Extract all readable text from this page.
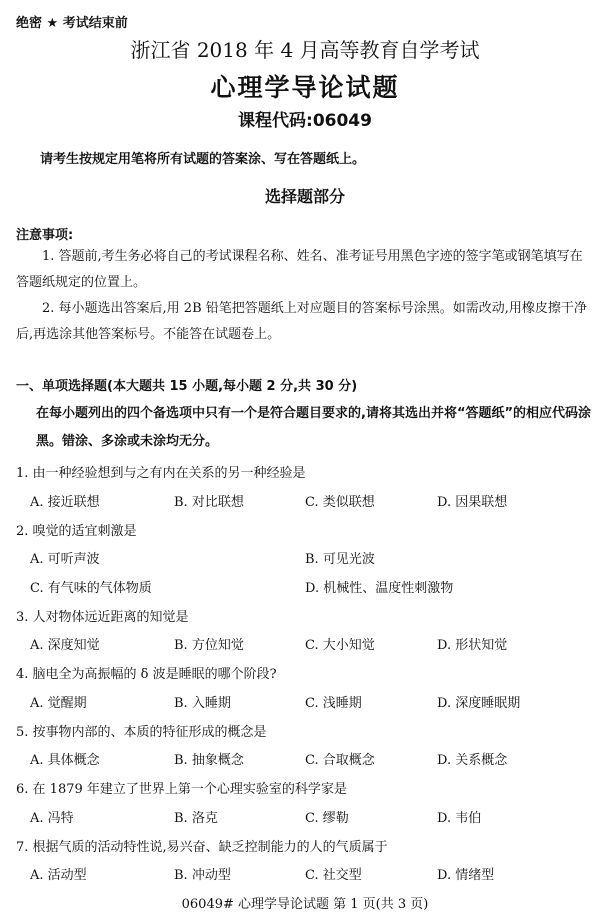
绝密 ★ 考试结束前
浙江省 2018 年 4 月高等教育自学考试
心理学导论试题
课程代码:06049
请考生按规定用笔将所有试题的答案涂、写在答题纸上。
选择题部分
注意事项:
1. 答题前,考生务必将自己的考试课程名称、姓名、准考证号用黑色字迹的签字笔或钢笔填写在答题纸规定的位置上。
2. 每小题选出答案后,用 2B 铅笔把答题纸上对应题目的答案标号涂黑。如需改动,用橡皮擦干净后,再选涂其他答案标号。不能答在试题卷上。
一、单项选择题(本大题共 15 小题,每小题 2 分,共 30 分)
在每小题列出的四个备选项中只有一个是符合题目要求的,请将其选出并将“答题纸”的相应代码涂黑。错涂、多涂或未涂均无分。
1. 由一种经验想到与之有内在关系的另一种经验是
A. 接近联想	B. 对比联想	C. 类似联想	D. 因果联想
2. 嗅觉的适宜刺激是
A. 可听声波	B. 可见光波
C. 有气味的气体物质	D. 机械性、温度性刺激物
3. 人对物体远近距离的知觉是
A. 深度知觉	B. 方位知觉	C. 大小知觉	D. 形状知觉
4. 脑电全为高振幅的 δ 波是睡眠的哪个阶段?
A. 觉醒期	B. 入睡期	C. 浅睡期	D. 深度睡眠期
5. 按事物内部的、本质的特征形成的概念是
A. 具体概念	B. 抽象概念	C. 合取概念	D. 关系概念
6. 在 1879 年建立了世界上第一个心理实验室的科学家是
A. 冯特	B. 洛克	C. 缪勒	D. 韦伯
7. 根据气质的活动特性说,易兴奋、缺乏控制能力的人的气质属于
A. 活动型	B. 冲动型	C. 社交型	D. 情绪型
06049# 心理学导论试题 第 1 页(共 3 页)
